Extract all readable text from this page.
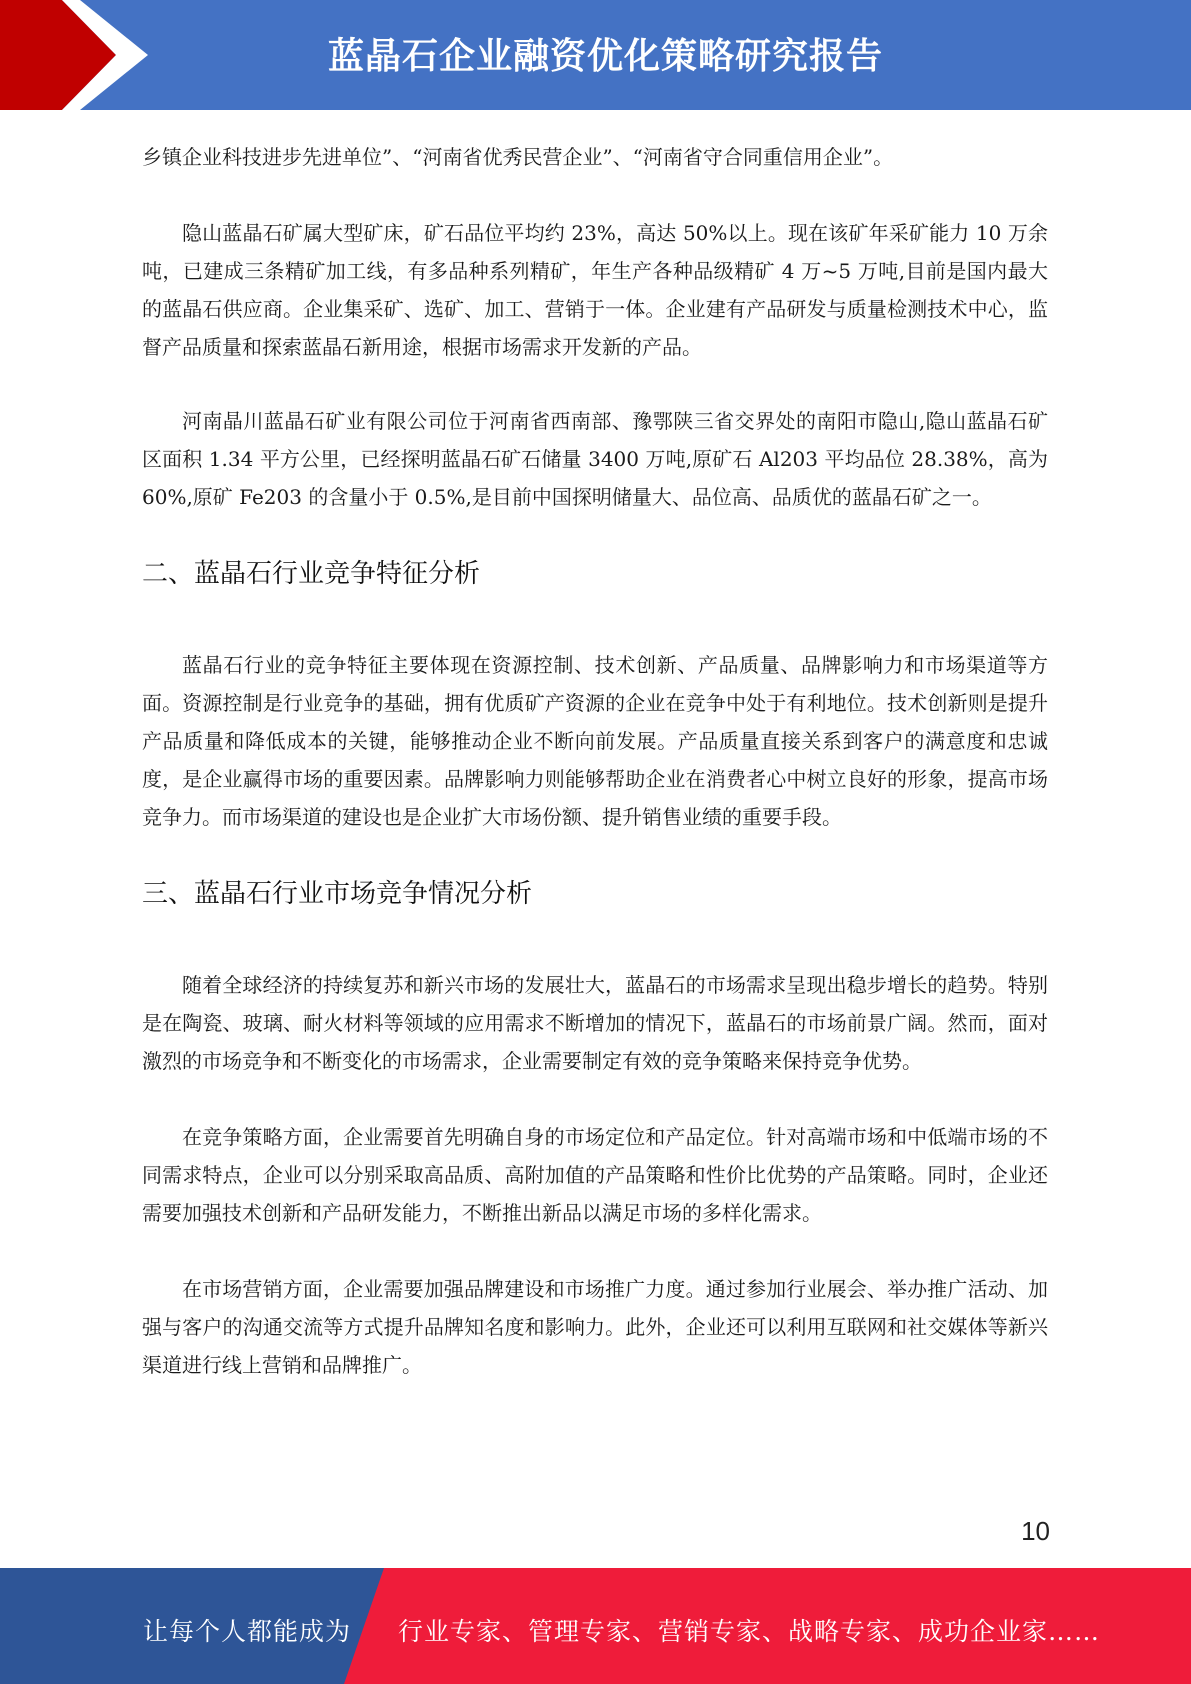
蓝晶石企业融资优化策略研究报告

乡镇企业科技进步先进单位”、“河南省优秀民营企业”、“河南省守合同重信用企业”。

隐山蓝晶石矿属大型矿床，矿石品位平均约 23%，高达 50%以上。现在该矿年采矿能力 10 万余吨，已建成三条精矿加工线，有多品种系列精矿，年生产各种品级精矿 4 万~5 万吨,目前是国内最大的蓝晶石供应商。企业集采矿、选矿、加工、营销于一体。企业建有产品研发与质量检测技术中心，监督产品质量和探索蓝晶石新用途，根据市场需求开发新的产品。

河南晶川蓝晶石矿业有限公司位于河南省西南部、豫鄂陕三省交界处的南阳市隐山,隐山蓝晶石矿区面积 1.34 平方公里，已经探明蓝晶石矿石储量 3400 万吨,原矿石 Al203 平均品位 28.38%，高为 60%,原矿 Fe203 的含量小于 0.5%,是目前中国探明储量大、品位高、品质优的蓝晶石矿之一。

二、蓝晶石行业竞争特征分析

蓝晶石行业的竞争特征主要体现在资源控制、技术创新、产品质量、品牌影响力和市场渠道等方面。资源控制是行业竞争的基础，拥有优质矿产资源的企业在竞争中处于有利地位。技术创新则是提升产品质量和降低成本的关键，能够推动企业不断向前发展。产品质量直接关系到客户的满意度和忠诚度，是企业赢得市场的重要因素。品牌影响力则能够帮助企业在消费者心中树立良好的形象，提高市场竞争力。而市场渠道的建设也是企业扩大市场份额、提升销售业绩的重要手段。

三、蓝晶石行业市场竞争情况分析

随着全球经济的持续复苏和新兴市场的发展壮大，蓝晶石的市场需求呈现出稳步增长的趋势。特别是在陶瓷、玻璃、耐火材料等领域的应用需求不断增加的情况下，蓝晶石的市场前景广阔。然而，面对激烈的市场竞争和不断变化的市场需求，企业需要制定有效的竞争策略来保持竞争优势。

在竞争策略方面，企业需要首先明确自身的市场定位和产品定位。针对高端市场和中低端市场的不同需求特点，企业可以分别采取高品质、高附加值的产品策略和性价比优势的产品策略。同时，企业还需要加强技术创新和产品研发能力，不断推出新品以满足市场的多样化需求。

在市场营销方面，企业需要加强品牌建设和市场推广力度。通过参加行业展会、举办推广活动、加强与客户的沟通交流等方式提升品牌知名度和影响力。此外，企业还可以利用互联网和社交媒体等新兴渠道进行线上营销和品牌推广。

10
让每个人都能成为 行业专家、管理专家、营销专家、战略专家、成功企业家……
